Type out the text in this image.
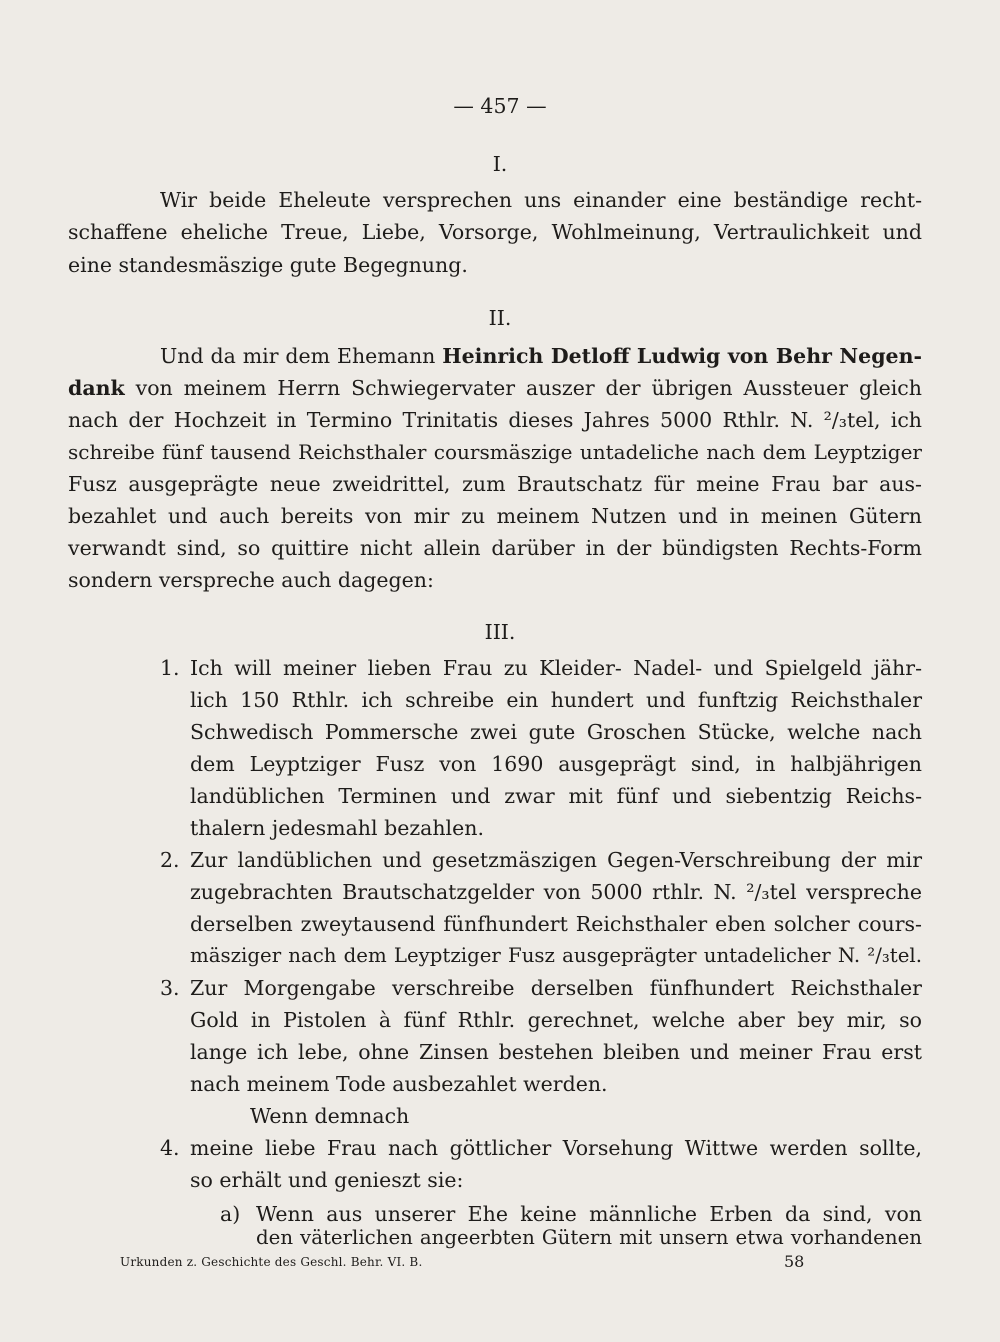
— 457 —
I.
Wir beide Eheleute versprechen uns einander eine beständige recht-
schaffene eheliche Treue, Liebe, Vorsorge, Wohlmeinung, Vertraulichkeit und
eine standesmäszige gute Begegnung.
II.
Und da mir dem Ehemann Heinrich Detloff Ludwig von Behr Negen-
dank von meinem Herrn Schwiegervater auszer der übrigen Aussteuer gleich
nach der Hochzeit in Termino Trinitatis dieses Jahres 5000 Rthlr. N. ²/₃tel, ich
schreibe fünf tausend Reichsthaler coursmäszige untadeliche nach dem Leyptziger
Fusz ausgeprägte neue zweidrittel, zum Brautschatz für meine Frau bar aus-
bezahlet und auch bereits von mir zu meinem Nutzen und in meinen Gütern
verwandt sind, so quittire nicht allein darüber in der bündigsten Rechts-Form
sondern verspreche auch dagegen:
III.
1. Ich will meiner lieben Frau zu Kleider- Nadel- und Spielgeld jähr-
lich 150 Rthlr. ich schreibe ein hundert und funftzig Reichsthaler
Schwedisch Pommersche zwei gute Groschen Stücke, welche nach
dem Leyptziger Fusz von 1690 ausgeprägt sind, in halbjährigen
landüblichen Terminen und zwar mit fünf und siebentzig Reichs-
thalern jedesmahl bezahlen.
2. Zur landüblichen und gesetzmäszigen Gegen-Verschreibung der mir
zugebrachten Brautschatzgelder von 5000 rthlr. N. ²/₃tel verspreche
derselben zweytausend fünfhundert Reichsthaler eben solcher cours-
mäsziger nach dem Leyptziger Fusz ausgeprägter untadelicher N. ²/₃tel.
3. Zur Morgengabe verschreibe derselben fünfhundert Reichsthaler
Gold in Pistolen à fünf Rthlr. gerechnet, welche aber bey mir, so
lange ich lebe, ohne Zinsen bestehen bleiben und meiner Frau erst
nach meinem Tode ausbezahlet werden.
Wenn demnach
4. meine liebe Frau nach göttlicher Vorsehung Wittwe werden sollte,
so erhält und genieszt sie:
a) Wenn aus unserer Ehe keine männliche Erben da sind, von
den väterlichen angeerbten Gütern mit unsern etwa vorhandenen
Urkunden z. Geschichte des Geschl. Behr. VI. B.	58
